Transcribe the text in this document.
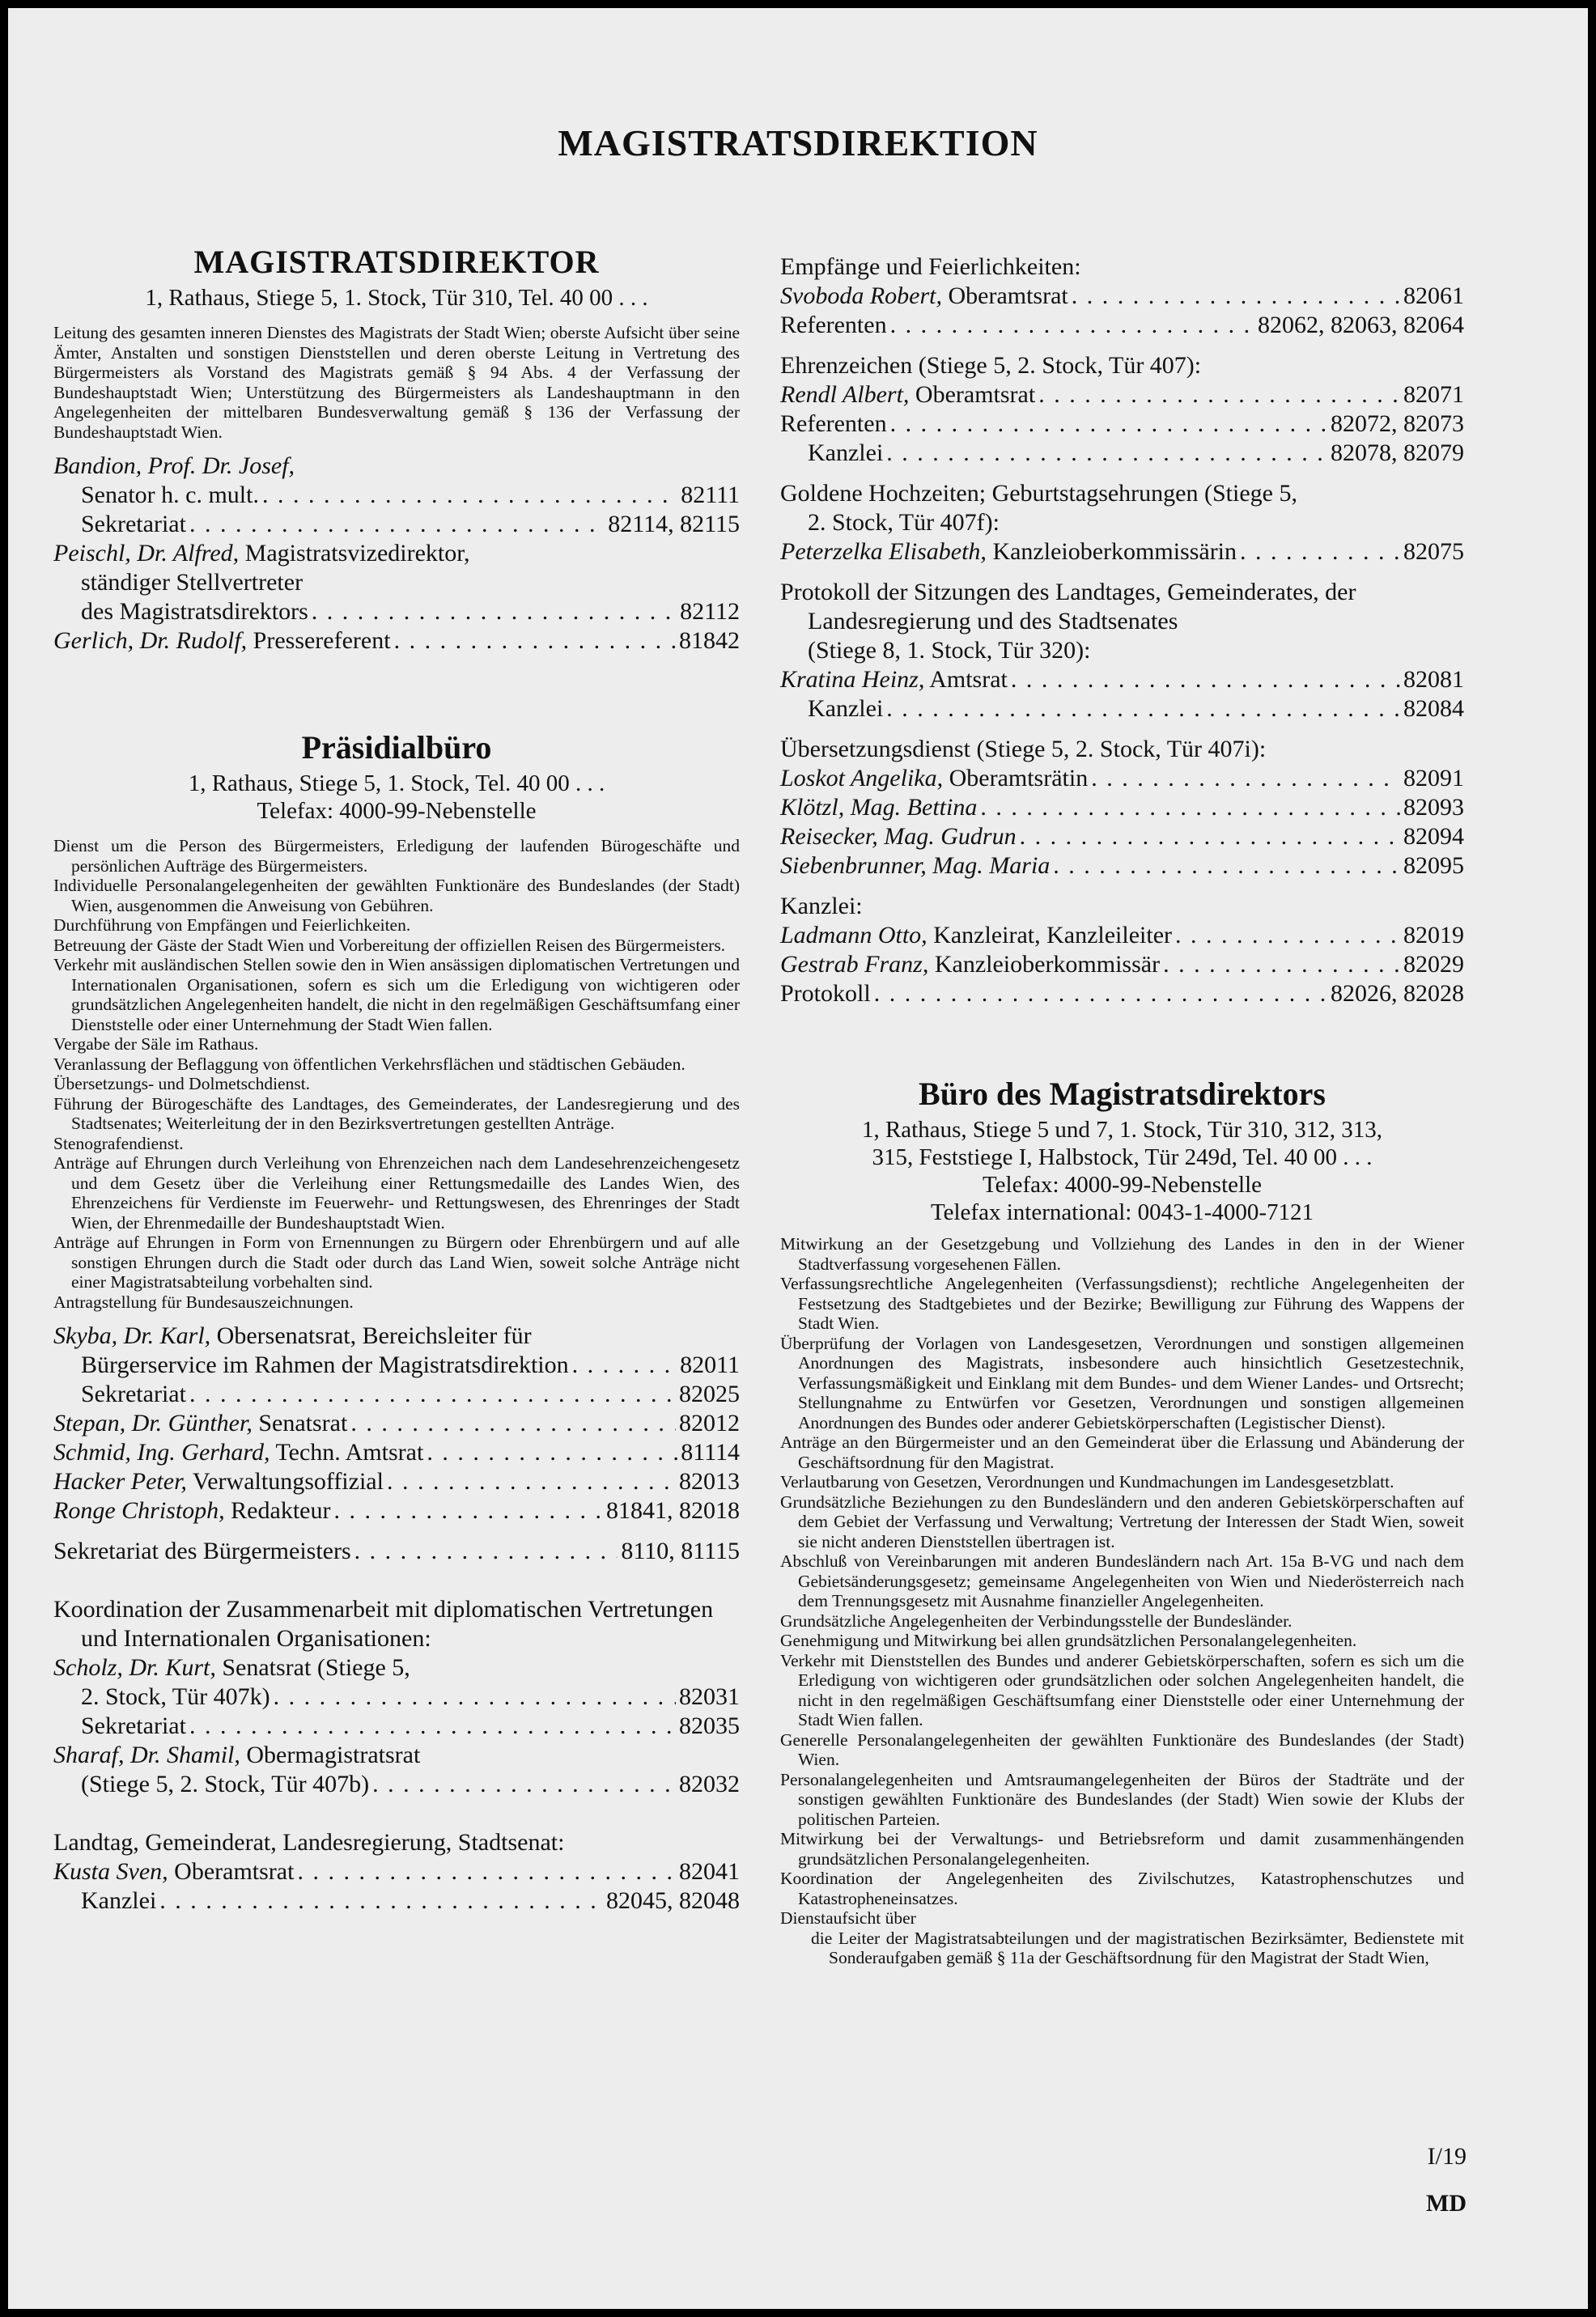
MAGISTRATSDIREKTION
MAGISTRATSDIREKTOR
1, Rathaus, Stiege 5, 1. Stock, Tür 310, Tel. 40 00 . . .

Leitung des gesamten inneren Dienstes des Magistrats der Stadt Wien; oberste Aufsicht über seine Ämter, Anstalten und sonstigen Dienststellen und deren oberste Leitung in Vertretung des Bürgermeisters als Vorstand des Magistrats gemäß § 94 Abs. 4 der Verfassung der Bundeshauptstadt Wien; Unterstützung des Bürgermeisters als Landeshauptmann in den Angelegenheiten der mittelbaren Bundesverwaltung gemäß § 136 der Verfassung der Bundeshauptstadt Wien.

Bandion, Prof. Dr. Josef,
Senator h. c. mult. . . .	82111
Sekretariat . . .	82114, 82115
Peischl, Dr. Alfred, Magistratsvizedirektor,
ständiger Stellvertreter
des Magistratsdirektors . . .	82112
Gerlich, Dr. Rudolf, Pressereferent . . .	81842
Präsidialbüro
1, Rathaus, Stiege 5, 1. Stock, Tel. 40 00 . . .
Telefax: 4000-99-Nebenstelle

Dienst um die Person des Bürgermeisters, Erledigung der laufenden Bürogeschäfte und persönlichen Aufträge des Bürgermeisters.

Individuelle Personalangelegenheiten der gewählten Funktionäre des Bundeslandes (der Stadt) Wien, ausgenommen die Anweisung von Gebühren.

Durchführung von Empfängen und Feierlichkeiten.

Betreuung der Gäste der Stadt Wien und Vorbereitung der offiziellen Reisen des Bürgermeisters.

Verkehr mit ausländischen Stellen sowie den in Wien ansässigen diplomatischen Vertretungen und Internationalen Organisationen, sofern es sich um die Erledigung von wichtigeren oder grundsätzlichen Angelegenheiten handelt, die nicht in den regelmäßigen Geschäftsumfang einer Dienststelle oder einer Unternehmung der Stadt Wien fallen.

Vergabe der Säle im Rathaus.

Veranlassung der Beflaggung von öffentlichen Verkehrsflächen und städtischen Gebäuden.

Übersetzungs- und Dolmetschdienst.

Führung der Bürogeschäfte des Landtages, des Gemeinderates, der Landesregierung und des Stadtsenates; Weiterleitung der in den Bezirksvertretungen gestellten Anträge.

Stenografendienst.

Anträge auf Ehrungen durch Verleihung von Ehrenzeichen nach dem Landesehrenzeichengesetz und dem Gesetz über die Verleihung einer Rettungsmedaille des Landes Wien, des Ehrenzeichens für Verdienste im Feuerwehr- und Rettungswesen, des Ehrenringes der Stadt Wien, der Ehrenmedaille der Bundeshauptstadt Wien.

Anträge auf Ehrungen in Form von Ernennungen zu Bürgern oder Ehrenbürgern und auf alle sonstigen Ehrungen durch die Stadt oder durch das Land Wien, soweit solche Anträge nicht einer Magistratsabteilung vorbehalten sind.

Antragstellung für Bundesauszeichnungen.

Skyba, Dr. Karl, Obersenatsrat, Bereichsleiter für
Bürgerservice im Rahmen der Magistratsdirektion . . .	82011
Sekretariat . . .	82025
Stepan, Dr. Günther, Senatsrat . . .	82012
Schmid, Ing. Gerhard, Techn. Amtsrat . . .	81114
Hacker Peter, Verwaltungsoffizial . . .	82013
Ronge Christoph, Redakteur . . .	81841, 82018
Sekretariat des Bürgermeisters . . .	8110, 81115
Koordination der Zusammenarbeit mit diplomatischen Vertretungen und Internationalen Organisationen:
Scholz, Dr. Kurt, Senatsrat (Stiege 5,
2. Stock, Tür 407k) . . .	82031
Sekretariat . . .	82035
Sharaf, Dr. Shamil, Obermagistratsrat
(Stiege 5, 2. Stock, Tür 407b) . . .	82032
Landtag, Gemeinderat, Landesregierung, Stadtsenat:
Kusta Sven, Oberamtsrat . . .	82041
Kanzlei . . .	82045, 82048
Empfänge und Feierlichkeiten:
Svoboda Robert, Oberamtsrat . . .	82061
Referenten . . .	82062, 82063, 82064
Ehrenzeichen (Stiege 5, 2. Stock, Tür 407):
Rendl Albert, Oberamtsrat . . .	82071
Referenten . . .	82072, 82073
Kanzlei . . .	82078, 82079
Goldene Hochzeiten; Geburtstagsehrungen (Stiege 5,
2. Stock, Tür 407f):
Peterzelka Elisabeth, Kanzleioberkommissärin . . .	82075
Protokoll der Sitzungen des Landtages, Gemeinderates, der Landesregierung und des Stadtsenates
(Stiege 8, 1. Stock, Tür 320):
Kratina Heinz, Amtsrat . . .	82081
Kanzlei . . .	82084
Übersetzungsdienst (Stiege 5, 2. Stock, Tür 407i):
Loskot Angelika, Oberamtsrätin . . .	82091
Klötzl, Mag. Bettina . . .	82093
Reisecker, Mag. Gudrun . . .	82094
Siebenbrunner, Mag. Maria . . .	82095
Kanzlei:
Ladmann Otto, Kanzleirat, Kanzleileiter . . .	82019
Gestrab Franz, Kanzleioberkommissär . . .	82029
Protokoll . . .	82026, 82028
Büro des Magistratsdirektors
1, Rathaus, Stiege 5 und 7, 1. Stock, Tür 310, 312, 313,
315, Feststiege I, Halbstock, Tür 249d, Tel. 40 00 . . .
Telefax: 4000-99-Nebenstelle
Telefax international: 0043-1-4000-7121

Mitwirkung an der Gesetzgebung und Vollziehung des Landes in den in der Wiener Stadtverfassung vorgesehenen Fällen.

Verfassungsrechtliche Angelegenheiten (Verfassungsdienst); rechtliche Angelegenheiten der Festsetzung des Stadtgebietes und der Bezirke; Bewilligung zur Führung des Wappens der Stadt Wien.

Überprüfung der Vorlagen von Landesgesetzen, Verordnungen und sonstigen allgemeinen Anordnungen des Magistrats, insbesondere auch hinsichtlich Gesetzestechnik, Verfassungsmäßigkeit und Einklang mit dem Bundes- und dem Wiener Landes- und Ortsrecht; Stellungnahme zu Entwürfen vor Gesetzen, Verordnungen und sonstigen allgemeinen Anordnungen des Bundes oder anderer Gebietskörperschaften (Legistischer Dienst).

Anträge an den Bürgermeister und an den Gemeinderat über die Erlassung und Abänderung der Geschäftsordnung für den Magistrat.

Verlautbarung von Gesetzen, Verordnungen und Kundmachungen im Landesgesetzblatt.

Grundsätzliche Beziehungen zu den Bundesländern und den anderen Gebietskörperschaften auf dem Gebiet der Verfassung und Verwaltung; Vertretung der Interessen der Stadt Wien, soweit sie nicht anderen Dienststellen übertragen ist.

Abschluß von Vereinbarungen mit anderen Bundesländern nach Art. 15a B-VG und nach dem Gebietsänderungsgesetz; gemeinsame Angelegenheiten von Wien und Niederösterreich nach dem Trennungsgesetz mit Ausnahme finanzieller Angelegenheiten.

Grundsätzliche Angelegenheiten der Verbindungsstelle der Bundesländer.

Genehmigung und Mitwirkung bei allen grundsätzlichen Personalangelegenheiten.

Verkehr mit Dienststellen des Bundes und anderer Gebietskörperschaften, sofern es sich um die Erledigung von wichtigeren oder grundsätzlichen oder solchen Angelegenheiten handelt, die nicht in den regelmäßigen Geschäftsumfang einer Dienststelle oder einer Unternehmung der Stadt Wien fallen.

Generelle Personalangelegenheiten der gewählten Funktionäre des Bundeslandes (der Stadt) Wien.

Personalangelegenheiten und Amtsraumangelegenheiten der Büros der Stadträte und der sonstigen gewählten Funktionäre des Bundeslandes (der Stadt) Wien sowie der Klubs der politischen Parteien.

Mitwirkung bei der Verwaltungs- und Betriebsreform und damit zusammenhängenden grundsätzlichen Personalangelegenheiten.

Koordination der Angelegenheiten des Zivilschutzes, Katastrophenschutzes und Katastropheneinsatzes.

Dienstaufsicht über

die Leiter der Magistratsabteilungen und der magistratischen Bezirksämter, Bedienstete mit Sonderaufgaben gemäß § 11a der Geschäftsordnung für den Magistrat der Stadt Wien,

I/19
MD
